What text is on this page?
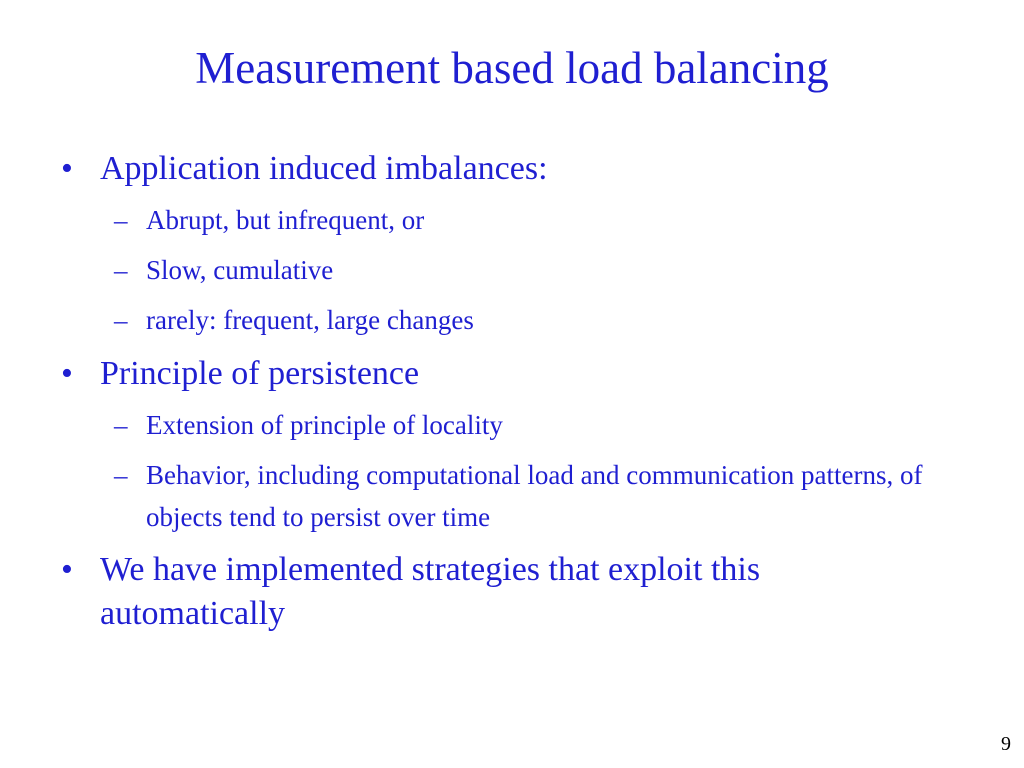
Measurement based load balancing
• Application induced imbalances:
– Abrupt, but infrequent, or
– Slow, cumulative
– rarely: frequent, large changes
• Principle of persistence
– Extension of principle of locality
– Behavior, including computational load and communication patterns, of objects tend to persist over time
• We have implemented strategies that exploit this automatically
9
